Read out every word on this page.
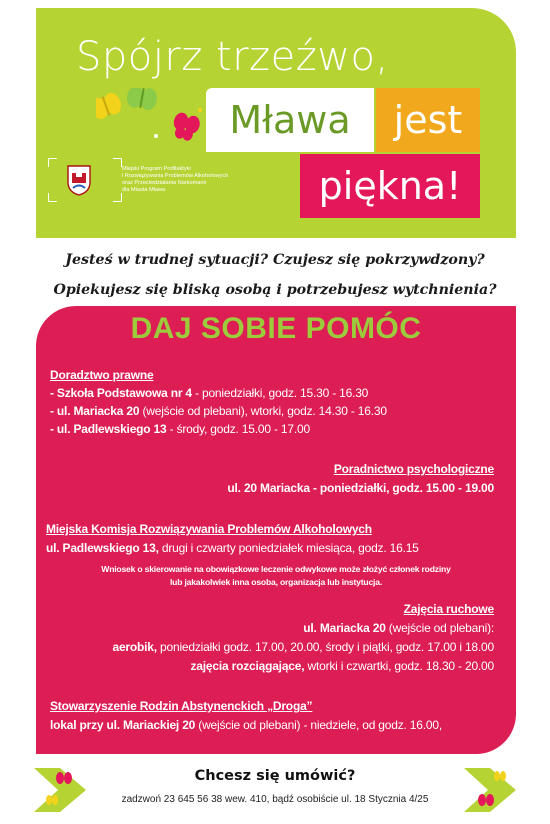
Spójrz trzeźwo,
Mława	jest
piękna!
Miejski Program Profilaktyki
i Rozwiązywania Problemów Alkoholowych
oraz Przeciwdziałania Narkomanii
dla Miasta Mława
Jesteś w trudnej sytuacji? Czujesz się pokrzywdzony?
Opiekujesz się bliską osobą i potrzebujesz wytchnienia?
DAJ SOBIE POMÓC
Doradztwo prawne
- Szkoła Podstawowa nr 4 - poniedziałki, godz. 15.30 - 16.30
- ul. Mariacka 20 (wejście od plebani), wtorki, godz. 14.30 - 16.30
- ul. Padlewskiego 13 - środy, godz. 15.00 - 17.00
Poradnictwo psychologiczne
ul. 20 Mariacka - poniedziałki, godz. 15.00 - 19.00
Miejska Komisja Rozwiązywania Problemów Alkoholowych
ul. Padlewskiego 13, drugi i czwarty poniedziałek miesiąca, godz. 16.15
Wniosek o skierowanie na obowiązkowe leczenie odwykowe może złożyć członek rodziny
lub jakakolwiek inna osoba, organizacja lub instytucja.
Zajęcia ruchowe
ul. Mariacka 20 (wejście od plebani):
aerobik, poniedziałki godz. 17.00, 20.00, środy i piątki, godz. 17.00 i 18.00
zajęcia rozciągające, wtorki i czwartki, godz. 18.30 - 20.00
Stowarzyszenie Rodzin Abstynenckich „Droga”
lokal przy ul. Mariackiej 20 (wejście od plebani) - niedziele, od godz. 16.00,
Chcesz się umówić?
zadzwoń 23 645 56 38 wew. 410, bądź osobiście ul. 18 Stycznia 4/25
